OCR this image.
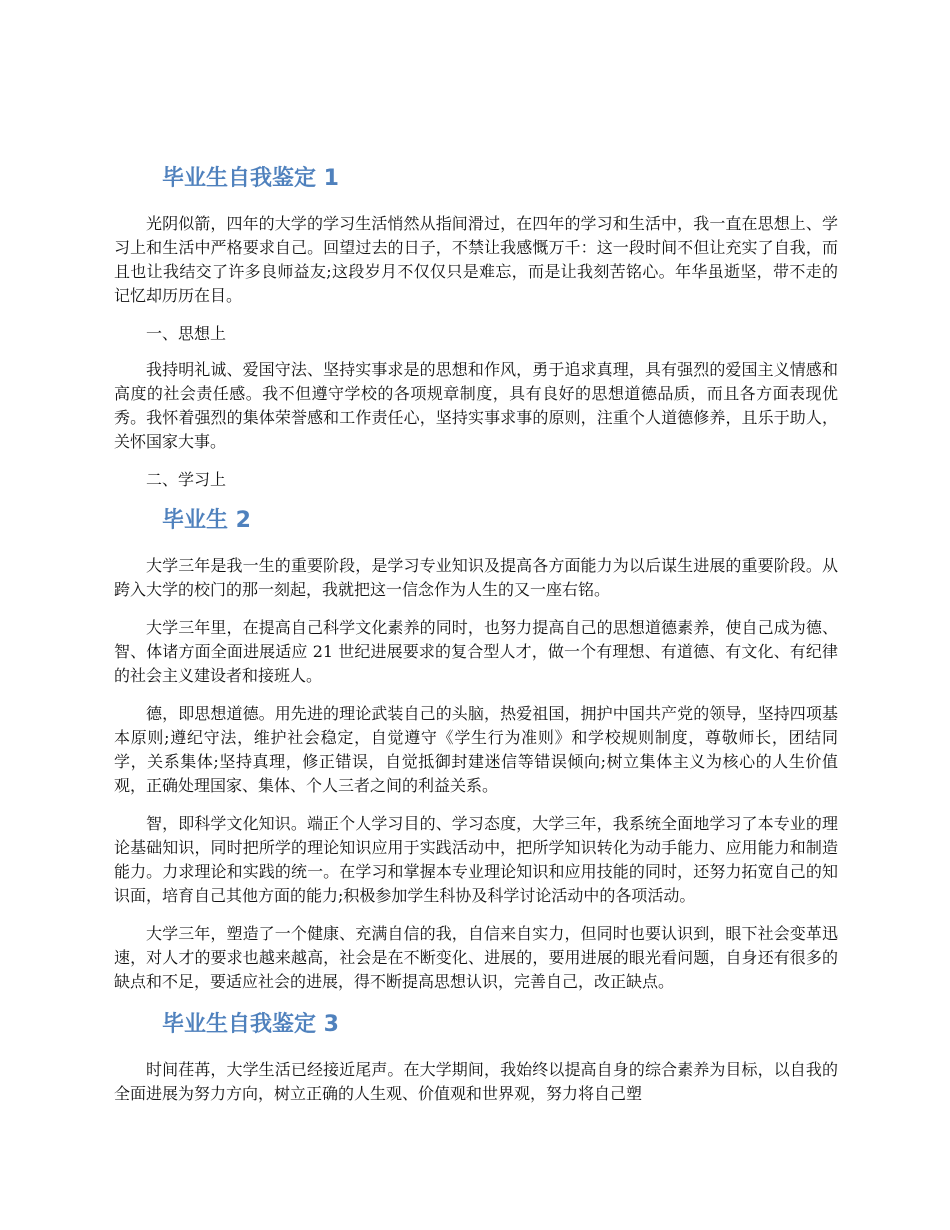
毕业生自我鉴定 1

光阴似箭，四年的大学的学习生活悄然从指间滑过，在四年的学习和生活中，我一直在思想上、学习上和生活中严格要求自己。回望过去的日子，不禁让我感慨万千：这一段时间不但让充实了自我，而且也让我结交了许多良师益友;这段岁月不仅仅只是难忘，而是让我刻苦铭心。年华虽逝坚，带不走的记忆却历历在目。

一、思想上

我持明礼诚、爱国守法、坚持实事求是的思想和作风，勇于追求真理，具有强烈的爱国主义情感和高度的社会责任感。我不但遵守学校的各项规章制度，具有良好的思想道德品质，而且各方面表现优秀。我怀着强烈的集体荣誉感和工作责任心，坚持实事求事的原则，注重个人道德修养，且乐于助人，关怀国家大事。

二、学习上

毕业生 2

大学三年是我一生的重要阶段，是学习专业知识及提高各方面能力为以后谋生进展的重要阶段。从跨入大学的校门的那一刻起，我就把这一信念作为人生的又一座右铭。

大学三年里，在提高自己科学文化素养的同时，也努力提高自己的思想道德素养，使自己成为德、智、体诸方面全面进展适应 21 世纪进展要求的复合型人才，做一个有理想、有道德、有文化、有纪律的社会主义建设者和接班人。

德，即思想道德。用先进的理论武装自己的头脑，热爱祖国，拥护中国共产党的领导，坚持四项基本原则;遵纪守法，维护社会稳定，自觉遵守《学生行为准则》和学校规则制度，尊敬师长，团结同学，关系集体;坚持真理，修正错误，自觉抵御封建迷信等错误倾向;树立集体主义为核心的人生价值观，正确处理国家、集体、个人三者之间的利益关系。

智，即科学文化知识。端正个人学习目的、学习态度，大学三年，我系统全面地学习了本专业的理论基础知识，同时把所学的理论知识应用于实践活动中，把所学知识转化为动手能力、应用能力和制造能力。力求理论和实践的统一。在学习和掌握本专业理论知识和应用技能的同时，还努力拓宽自己的知识面，培育自己其他方面的能力;积极参加学生科协及科学讨论活动中的各项活动。

大学三年，塑造了一个健康、充满自信的我，自信来自实力，但同时也要认识到，眼下社会变革迅速，对人才的要求也越来越高，社会是在不断变化、进展的，要用进展的眼光看问题，自身还有很多的缺点和不足，要适应社会的进展，得不断提高思想认识，完善自己，改正缺点。

毕业生自我鉴定 3

时间荏苒，大学生活已经接近尾声。在大学期间，我始终以提高自身的综合素养为目标，以自我的全面进展为努力方向，树立正确的人生观、价值观和世界观，努力将自己塑
